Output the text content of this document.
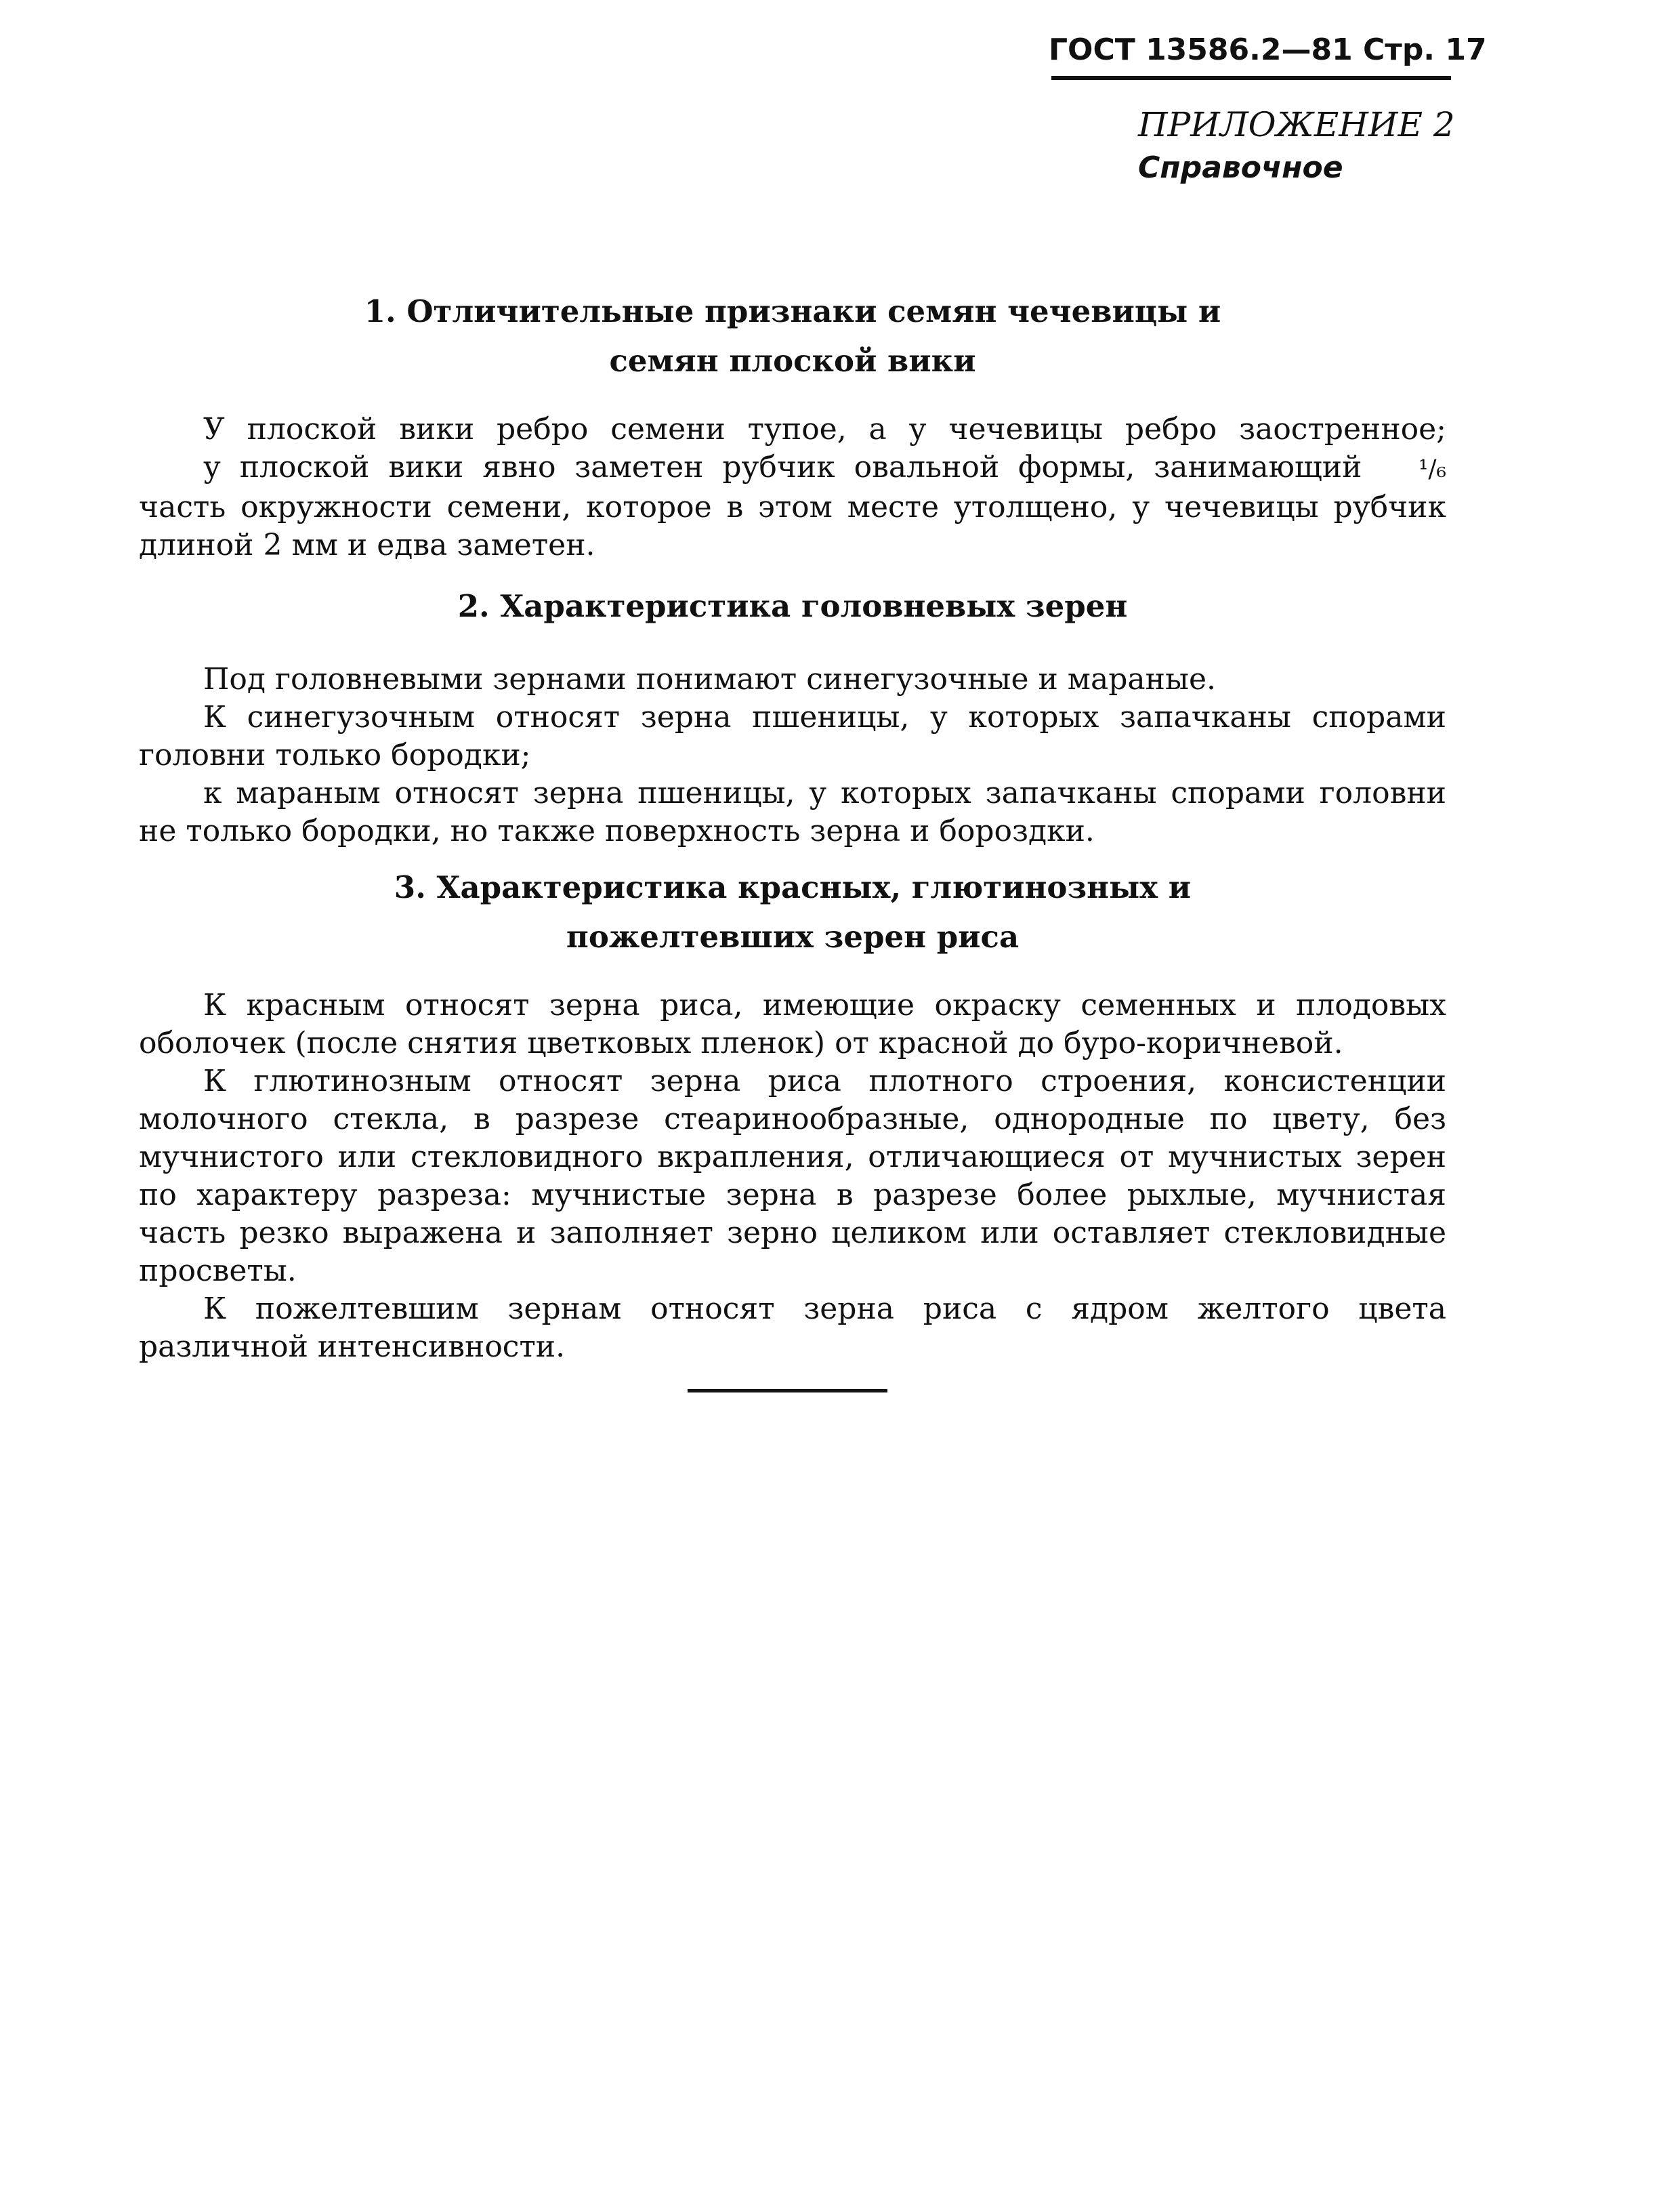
ГОСТ 13586.2—81 Стр. 17
ПРИЛОЖЕНИЕ 2
Справочное
1. Отличительные признаки семян чечевицы и
семян плоской вики

У плоской вики ребро семени тупое, а у чечевицы ребро заостренное;

у плоской вики явно заметен рубчик овальной формы, занимающий ¹/₆

часть окружности семени, которое в этом месте утолщено, у чечевицы рубчик длиной 2 мм и едва заметен.

2. Характеристика головневых зерен

Под головневыми зернами понимают синегузочные и мараные.

К синегузочным относят зерна пшеницы, у которых запачканы спорами головни только бородки;

к мараным относят зерна пшеницы, у которых запачканы спорами головни не только бородки, но также поверхность зерна и бороздки.

3. Характеристика красных, глютинозных и
пожелтевших зерен риса

К красным относят зерна риса, имеющие окраску семенных и плодовых оболочек (после снятия цветковых пленок) от красной до буро-коричневой.

К глютинозным относят зерна риса плотного строения, консистенции молочного стекла, в разрезе стеаринообразные, однородные по цвету, без мучнистого или стекловидного вкрапления, отличающиеся от мучнистых зерен по характеру разреза: мучнистые зерна в разрезе более рыхлые, мучнистая часть резко выражена и заполняет зерно целиком или оставляет стекловидные просветы.

К пожелтевшим зернам относят зерна риса с ядром желтого цвета различной интенсивности.
